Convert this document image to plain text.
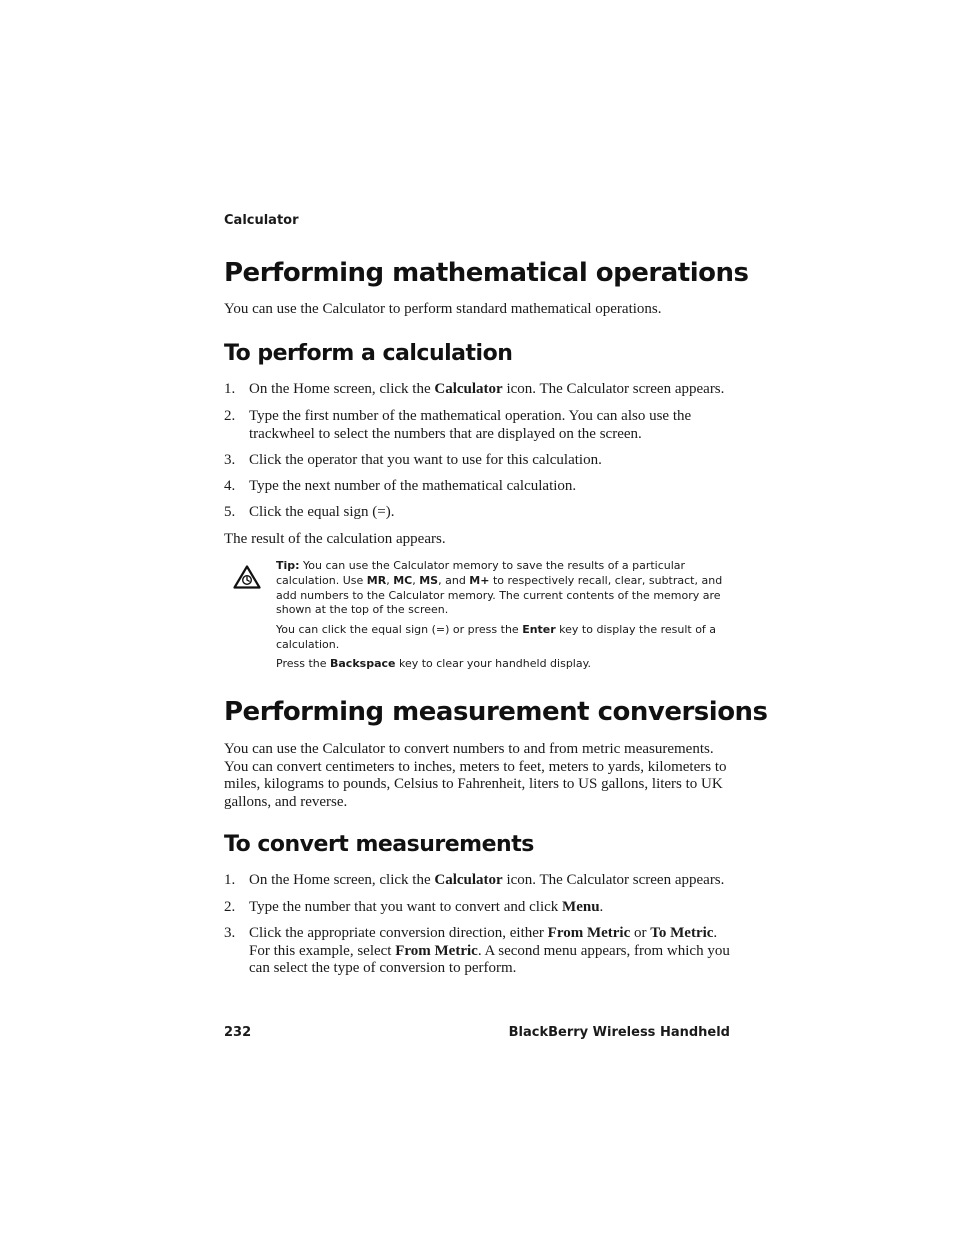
Calculator
Performing mathematical operations

You can use the Calculator to perform standard mathematical operations.

To perform a calculation
1. On the Home screen, click the Calculator icon. The Calculator screen appears.
2. Type the first number of the mathematical operation. You can also use the trackwheel to select the numbers that are displayed on the screen.
3. Click the operator that you want to use for this calculation.
4. Type the next number of the mathematical calculation.
5. Click the equal sign (=).

The result of the calculation appears.

Tip: You can use the Calculator memory to save the results of a particular calculation. Use MR, MC, MS, and M+ to respectively recall, clear, subtract, and add numbers to the Calculator memory. The current contents of the memory are shown at the top of the screen.

You can click the equal sign (=) or press the Enter key to display the result of a calculation.

Press the Backspace key to clear your handheld display.

Performing measurement conversions

You can use the Calculator to convert numbers to and from metric measurements. You can convert centimeters to inches, meters to feet, meters to yards, kilometers to miles, kilograms to pounds, Celsius to Fahrenheit, liters to US gallons, liters to UK gallons, and reverse.

To convert measurements
1. On the Home screen, click the Calculator icon. The Calculator screen appears.
2. Type the number that you want to convert and click Menu.
3. Click the appropriate conversion direction, either From Metric or To Metric. For this example, select From Metric. A second menu appears, from which you can select the type of conversion to perform.
232	BlackBerry Wireless Handheld
